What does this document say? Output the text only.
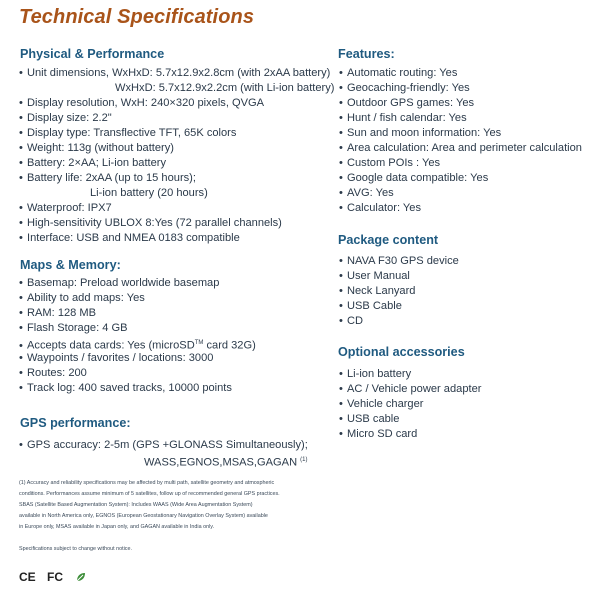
Technical Specifications
Physical & Performance
• Unit dimensions, WxHxD: 5.7x12.9x2.8cm (with 2xAA battery)
WxHxD: 5.7x12.9x2.2cm (with Li-ion battery)
• Display resolution, WxH: 240×320 pixels, QVGA
• Display size: 2.2"
• Display type: Transflective TFT, 65K colors
• Weight: 113g (without battery)
• Battery: 2×AA; Li-ion battery
• Battery life: 2xAA (up to 15 hours);
Li-ion battery (20 hours)
• Waterproof: IPX7
• High-sensitivity UBLOX 8:Yes (72 parallel channels)
• Interface: USB and NMEA 0183 compatible
Maps & Memory:
• Basemap: Preload worldwide basemap
• Ability to add maps: Yes
• RAM: 128 MB
• Flash Storage: 4 GB
• Accepts data cards: Yes (microSD™ card 32G)
• Waypoints / favorites / locations: 3000
• Routes: 200
• Track log: 400 saved tracks, 10000 points
GPS performance:
• GPS accuracy: 2-5m (GPS +GLONASS Simultaneously);
WASS,EGNOS,MSAS,GAGAN $^{(1)}$
(1) Accuracy and reliability specifications may be affected by multi path, satellite geometry and atmospheric
conditions. Performances assume minimum of 5 satellites, follow up of recommended general GPS practices.
SBAS (Satellite Based Augmentation System): Includes WAAS (Wide Area Augmentation System)
available in North America only, EGNOS (European Geostationary Navigation Overlay System) available
in Europe only, MSAS available in Japan only, and GAGAN available in India only.
Specifications subject to change without notice.
Features:
• Automatic routing: Yes
• Geocaching-friendly: Yes
• Outdoor GPS games: Yes
• Hunt / fish calendar: Yes
• Sun and moon information: Yes
• Area calculation: Area and perimeter calculation
• Custom POIs : Yes
• Google data compatible: Yes
• AVG: Yes
• Calculator: Yes
Package content
• NAVA F30 GPS device
• User Manual
• Neck Lanyard
• USB Cable
• CD
Optional accessories
• Li-ion battery
• AC / Vehicle power adapter
• Vehicle charger
• USB cable
• Micro SD card
CE FC
